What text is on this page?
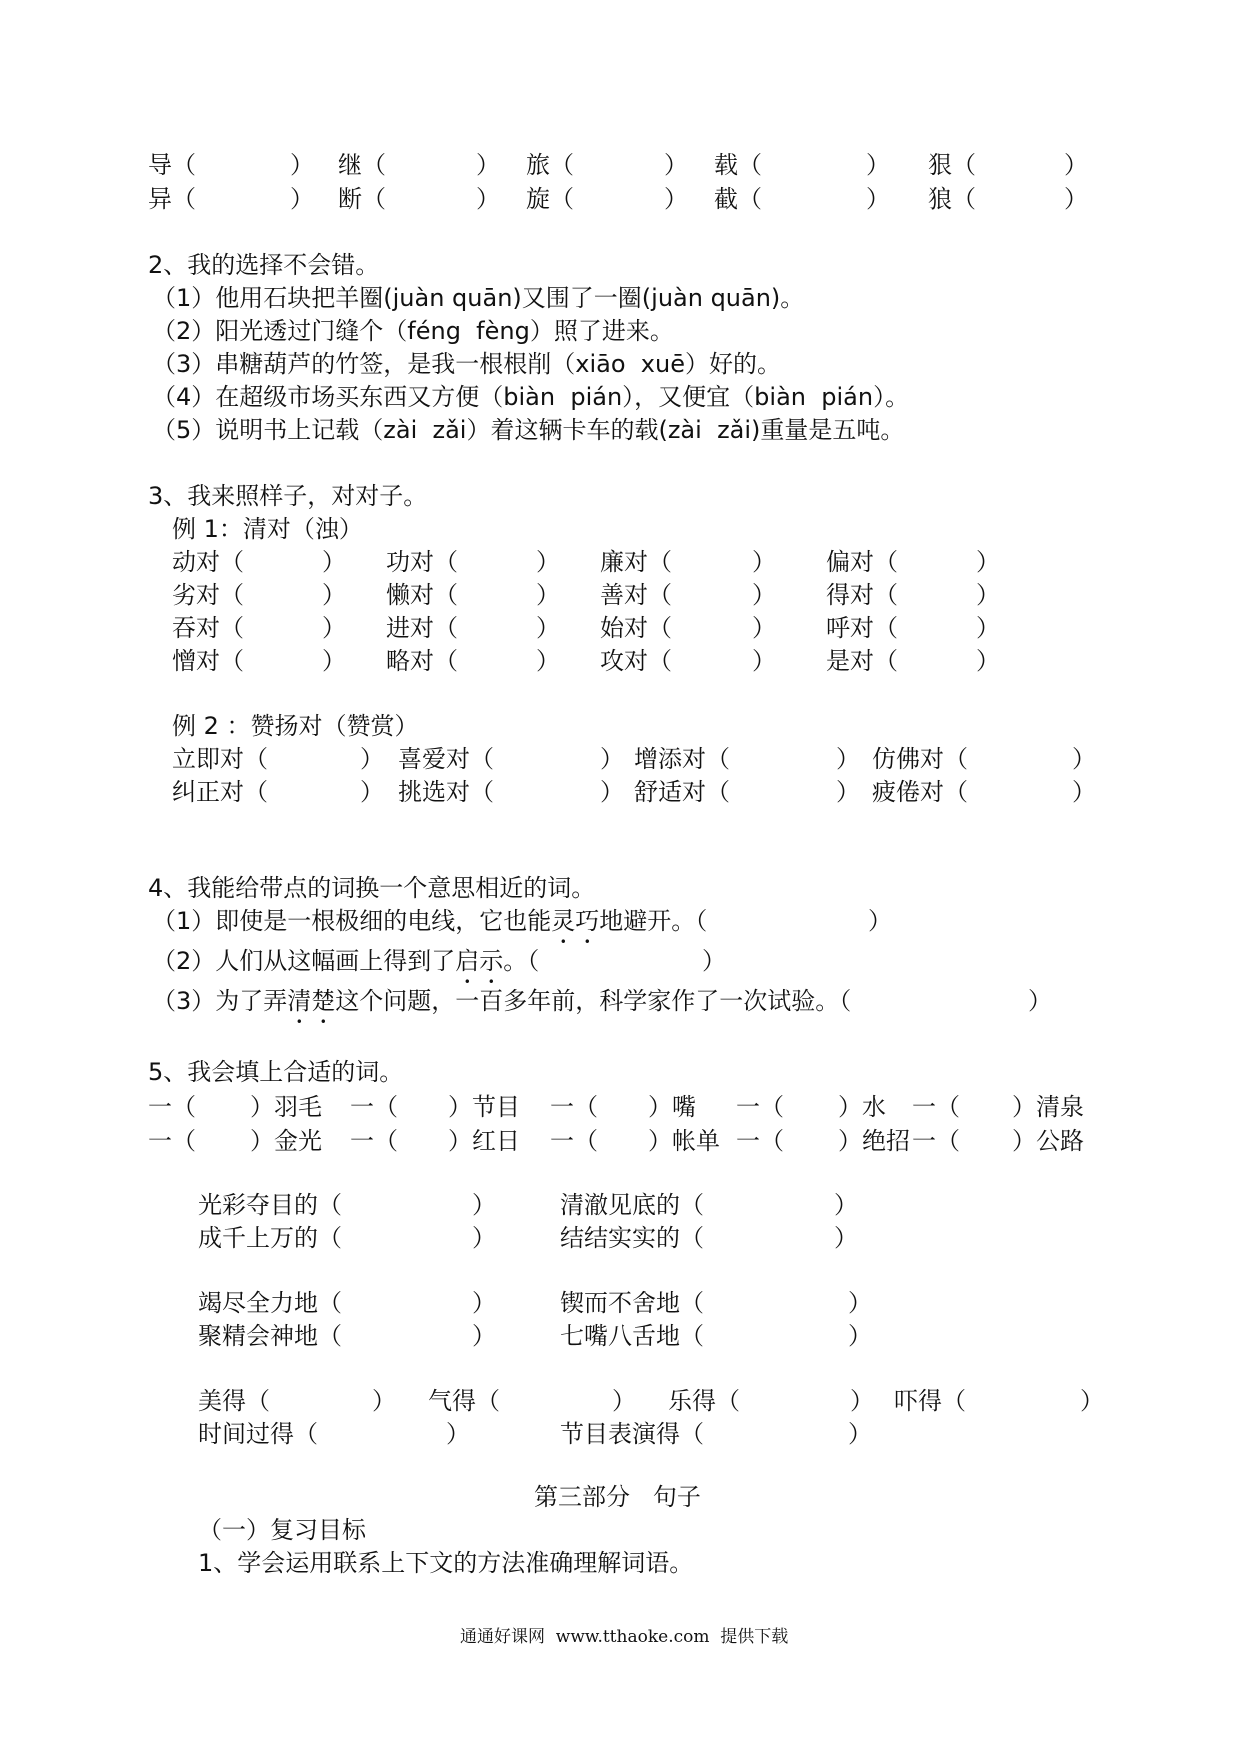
导（	） 继（	） 旅（	） 载（	） 狠（	）
异（	） 断（	） 旋（	） 截（	） 狼（	）
2、我的选择不会错。
（1）他用石块把羊圈(juàn quān)又围了一圈(juàn quān)。
（2）阳光透过门缝个（féng  fèng）照了进来。
（3）串糖葫芦的竹签，是我一根根削（xiāo  xuē）好的。
（4）在超级市场买东西又方便（biàn  pián），又便宜（biàn  pián）。
（5）说明书上记载（zài  zǎi）着这辆卡车的载(zài  zǎi)重量是五吨。
3、我来照样子，对对子。
例 1：清对（浊）
动对（	） 功对（	） 廉对（	） 偏对（	）
劣对（	） 懒对（	） 善对（	） 得对（	）
吞对（	） 进对（	） 始对（	） 呼对（	）
憎对（	） 略对（	） 攻对（	） 是对（	）
例 2 ：赞扬对（赞赏）
立即对（	） 喜爱对（	） 增添对（	） 仿佛对（	）
纠正对（	） 挑选对（	） 舒适对（	） 疲倦对（	）
4、我能给带点的词换一个意思相近的词。
（1）即使是一根极细的电线，它也能灵巧地避开。（	）
（2）人们从这幅画上得到了启示。（	）
（3）为了弄清楚这个问题，一百多年前，科学家作了一次试验。（	）
5、我会填上合适的词。
一（ ）羽毛 一（ ）节目 一（ ）嘴 一（ ）水 一（ ）清泉
一（ ）金光 一（ ）红日 一（ ）帐单 一（ ）绝招 一（ ）公路
光彩夺目的（	）	清澈见底的（	）
成千上万的（	）	结结实实的（	）
竭尽全力地（	）	锲而不舍地（	）
聚精会神地（	）	七嘴八舌地（	）
美得（	） 气得（	） 乐得（	） 吓得（	）
时间过得（	）	节目表演得（	）
第三部分   句子
（一）复习目标
1、学会运用联系上下文的方法准确理解词语。
通通好课网  www.tthaoke.com  提供下载
